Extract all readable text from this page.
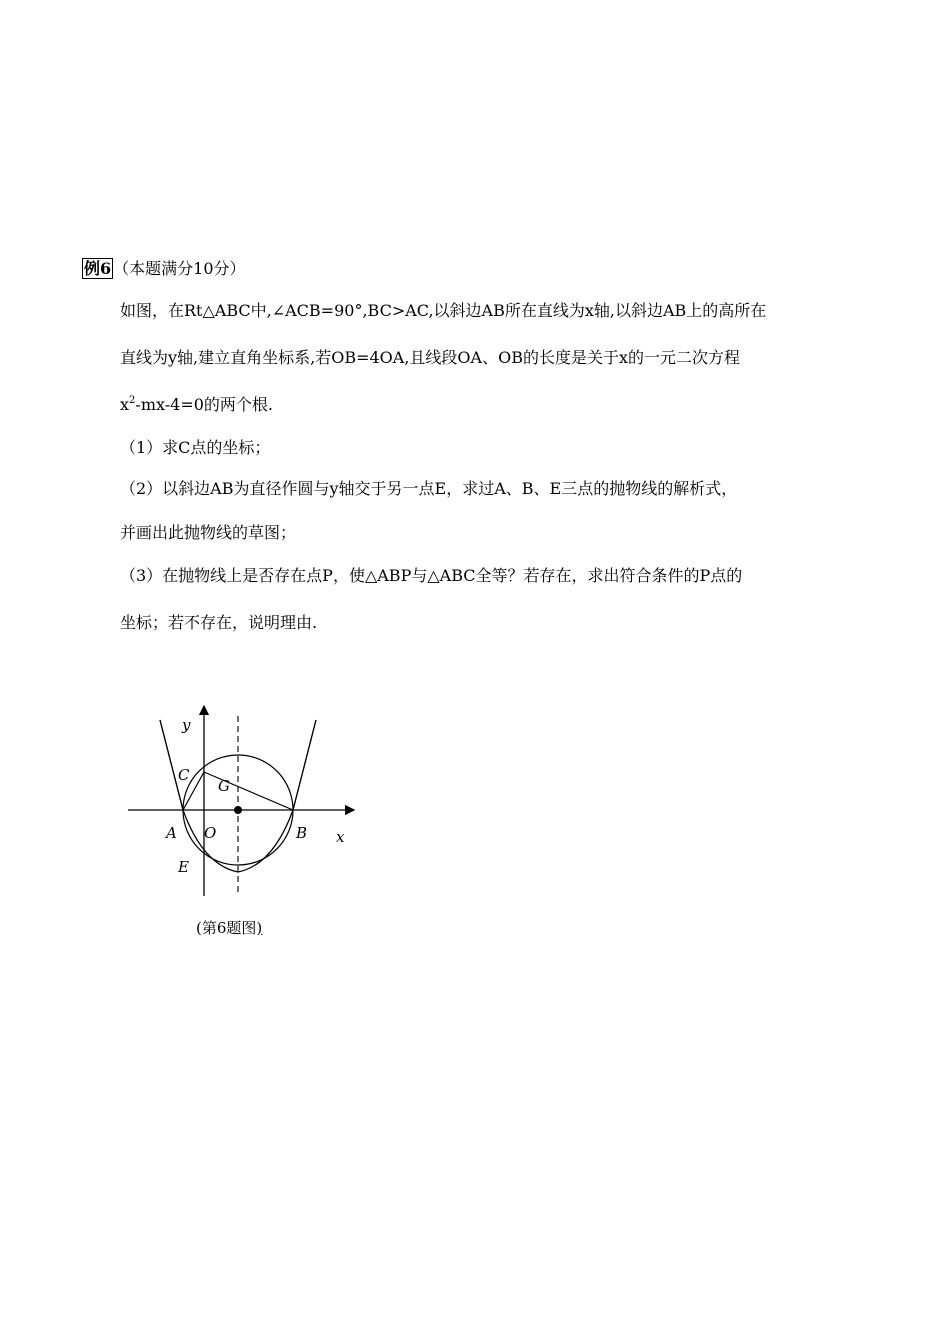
例6 （本题满分10分）
如图，在Rt△ABC中,∠ACB=90°,BC>AC,以斜边AB所在直线为x轴,以斜边AB上的高所在
直线为y轴,建立直角坐标系,若OB=4OA,且线段OA、OB的长度是关于x的一元二次方程
$x^2-mx-4=0$的两个根.
（1）求C点的坐标；
（2）以斜边AB为直径作圆与y轴交于另一点E，求过A、B、E三点的抛物线的解析式，
并画出此抛物线的草图；
（3）在抛物线上是否存在点P，使△ABP与△ABC全等？若存在，求出符合条件的P点的
坐标；若不存在，说明理由.
y
C
G
A O	B x
E
(第6题图)
